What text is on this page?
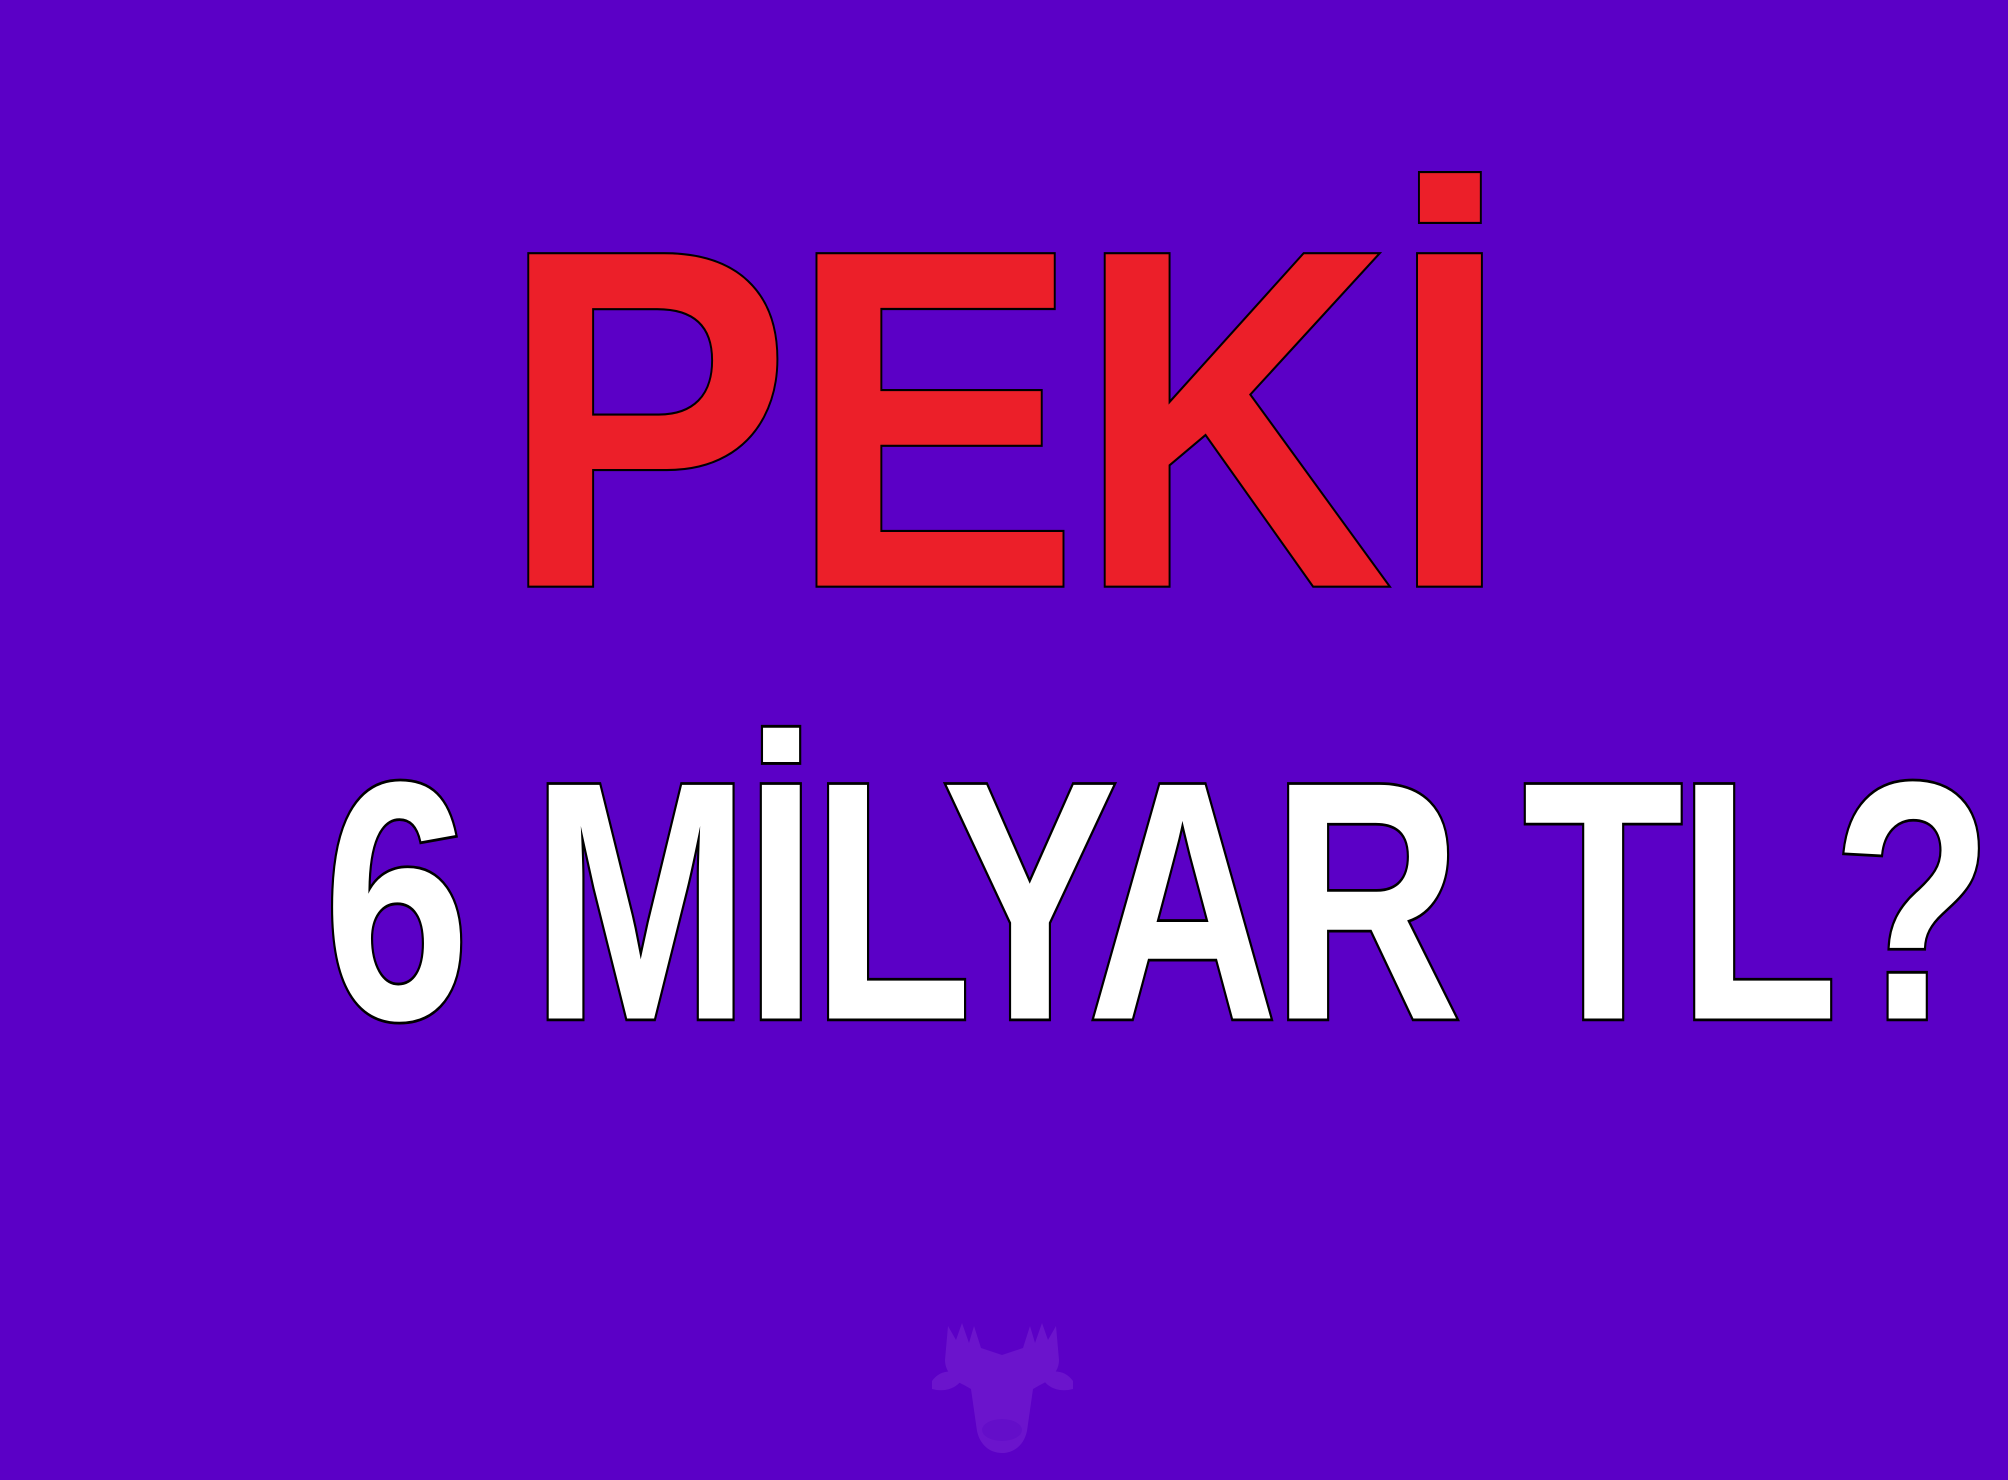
PEKİ
6 MİLYAR TL?
